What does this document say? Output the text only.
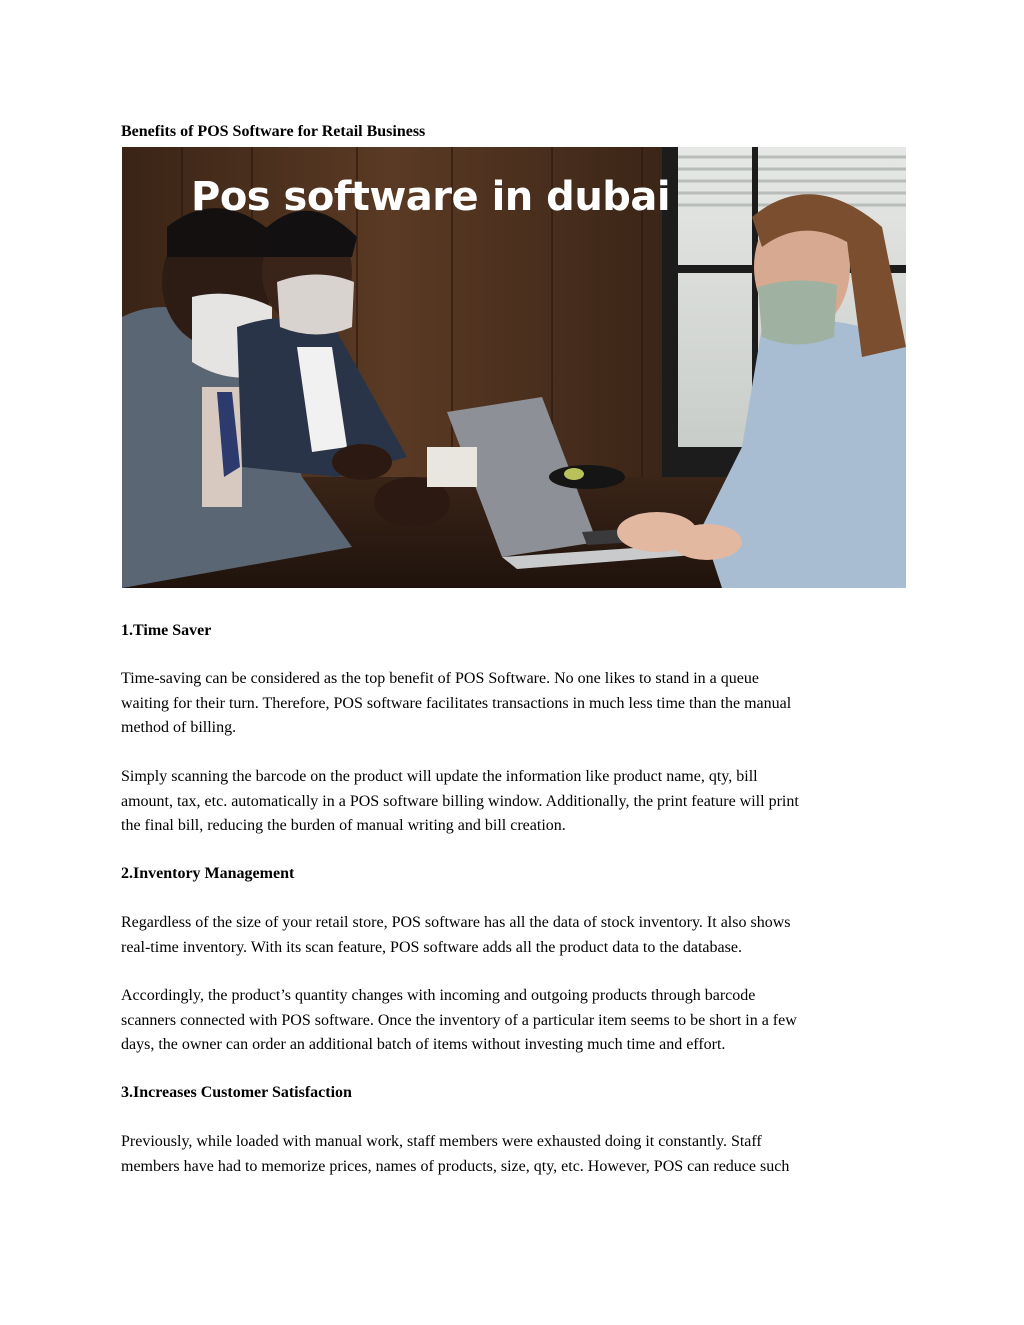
Benefits of POS Software for Retail Business
Pos software in dubai
1.Time Saver
Time-saving can be considered as the top benefit of POS Software. No one likes to stand in a queue
waiting for their turn. Therefore, POS software facilitates transactions in much less time than the manual
method of billing.
Simply scanning the barcode on the product will update the information like product name, qty, bill
amount, tax, etc. automatically in a POS software billing window. Additionally, the print feature will print
the final bill, reducing the burden of manual writing and bill creation.
2.Inventory Management
Regardless of the size of your retail store, POS software has all the data of stock inventory. It also shows
real-time inventory. With its scan feature, POS software adds all the product data to the database.
Accordingly, the product’s quantity changes with incoming and outgoing products through barcode
scanners connected with POS software. Once the inventory of a particular item seems to be short in a few
days, the owner can order an additional batch of items without investing much time and effort.
3.Increases Customer Satisfaction
Previously, while loaded with manual work, staff members were exhausted doing it constantly. Staff
members have had to memorize prices, names of products, size, qty, etc. However, POS can reduce such
